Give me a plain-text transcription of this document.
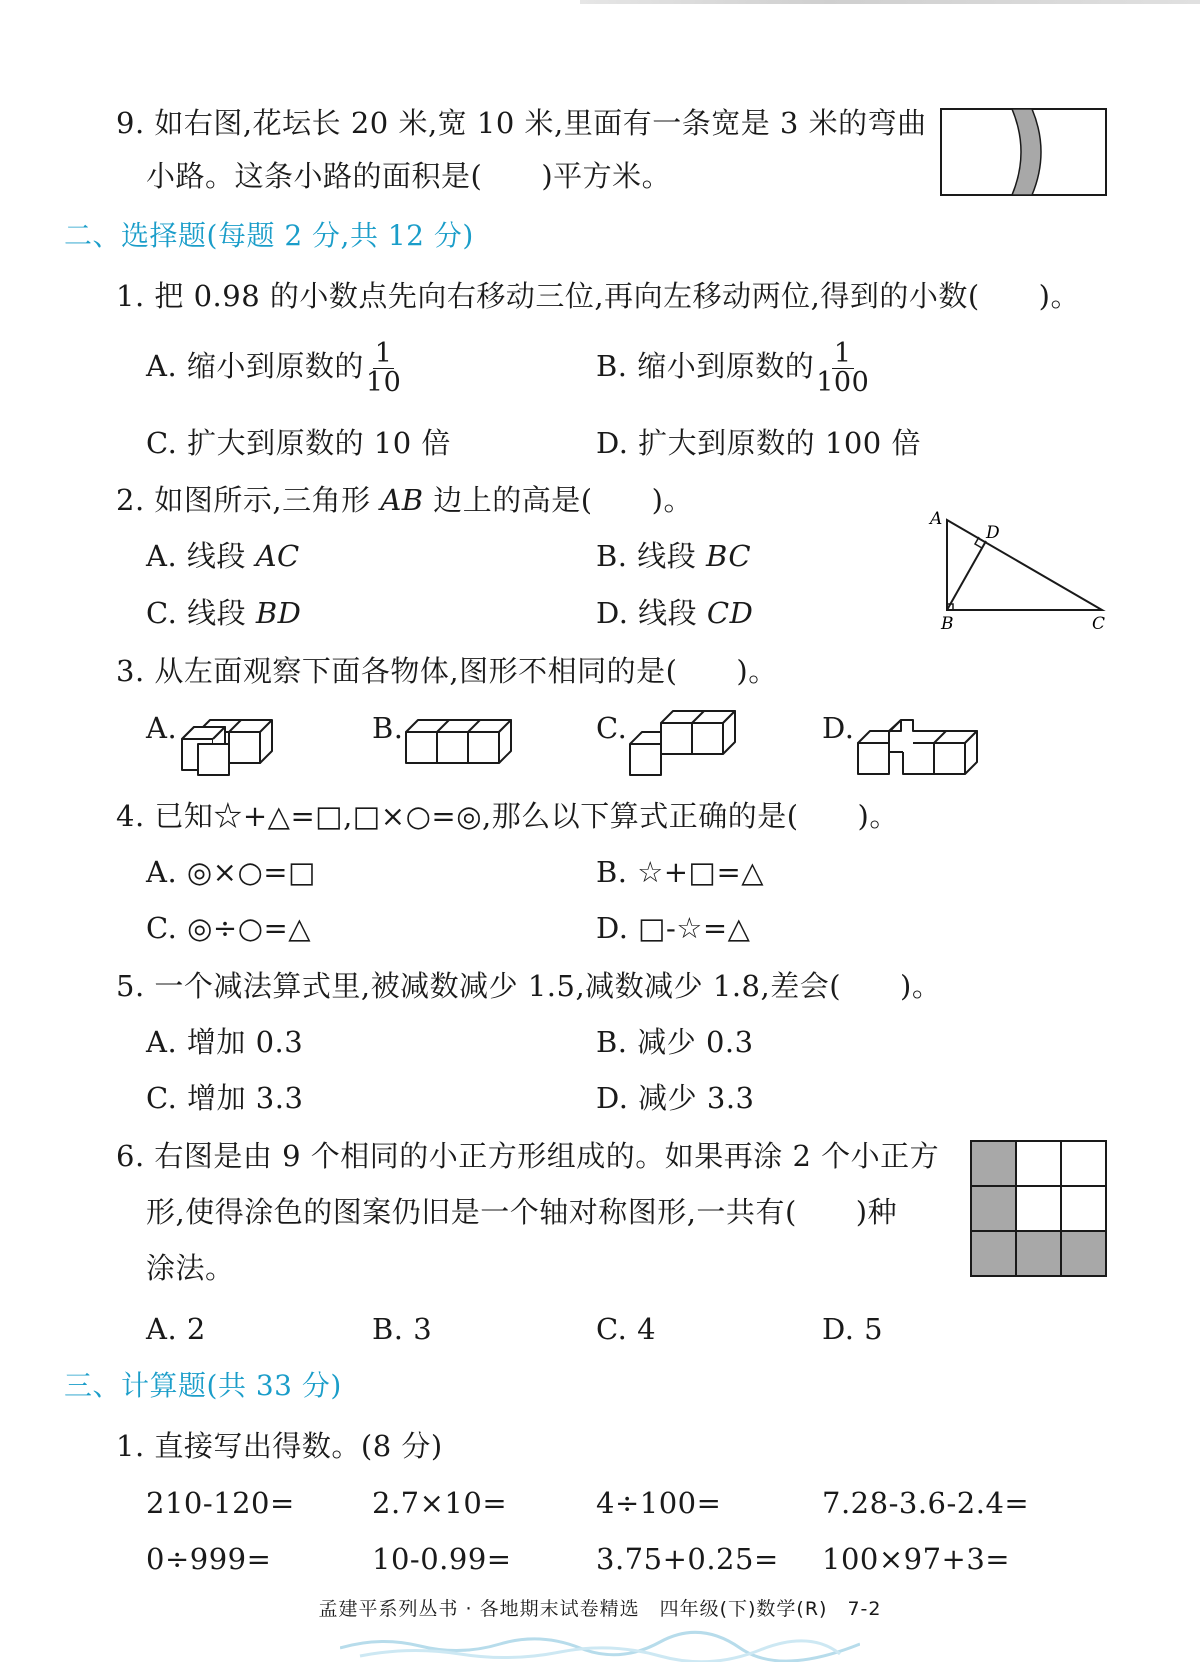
9. 如右图,花坛长 20 米,宽 10 米,里面有一条宽是 3 米的弯曲
小路。这条小路的面积是(　　)平方米。
二、选择题(每题 2 分,共 12 分)
1. 把 0.98 的小数点先向右移动三位,再向左移动两位,得到的小数(　　)。
A. 缩小到原数的 $\frac{1}{10}$	B. 缩小到原数的 $\frac{1}{100}$
C. 扩大到原数的 10 倍	D. 扩大到原数的 100 倍
2. 如图所示,三角形 AB 边上的高是(　　)。
A. 线段 AC	B. 线段 BC
C. 线段 BD	D. 线段 CD
A
D
B	C
3. 从左面观察下面各物体,图形不相同的是(　　)。
A.	B.	C.	D.
4. 已知☆+△=□,□×○=◎,那么以下算式正确的是(　　)。
A. ◎×○=□	B. ☆+□=△
C. ◎÷○=△	D. □-☆=△
5. 一个减法算式里,被减数减少 1.5,减数减少 1.8,差会(　　)。
A. 增加 0.3	B. 减少 0.3
C. 增加 3.3	D. 减少 3.3
6. 右图是由 9 个相同的小正方形组成的。如果再涂 2 个小正方
形,使得涂色的图案仍旧是一个轴对称图形,一共有(　　)种
涂法。
A. 2	B. 3	C. 4	D. 5
三、计算题(共 33 分)
1. 直接写出得数。(8 分)
210-120=	2.7×10=	4÷100=	7.28-3.6-2.4=
0÷999=	10-0.99=	3.75+0.25= 100×97+3=
孟建平系列丛书 · 各地期末试卷精选　四年级(下)数学(R)　7-2
